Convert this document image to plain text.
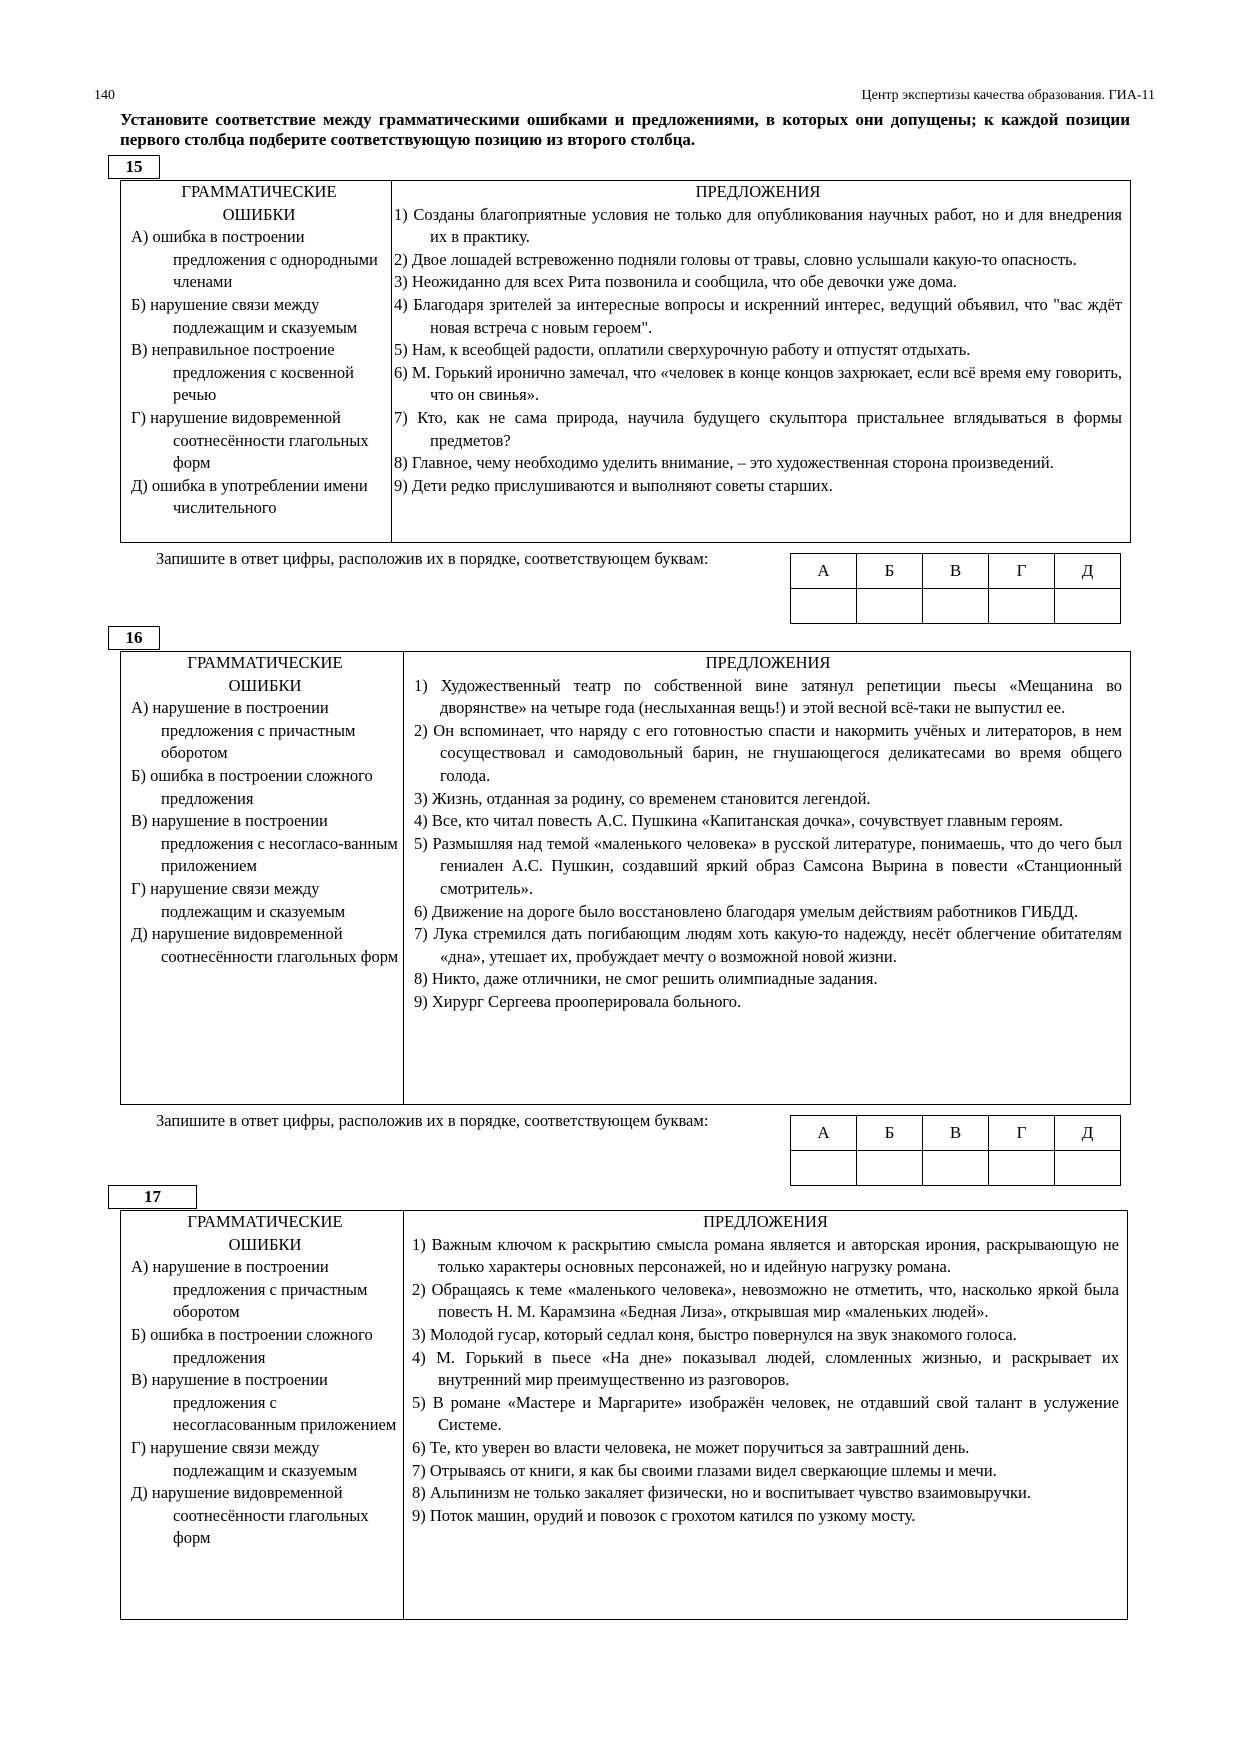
140	Центр экспертизы качества образования. ГИА-11
Установите соответствие между грамматическими ошибками и предложениями, в которых они допущены; к каждой позиции первого столбца подберите соответствующую позицию из второго столбца.
15
ГРАММАТИЧЕСКИЕ ОШИБКИ
А) ошибка в построении предложения с однородными членами
Б) нарушение связи между подлежащим и сказуемым
В) неправильное построение предложения с косвенной речью
Г) нарушение видовременной соотнесённости глагольных форм
Д) ошибка в употреблении имени числительного
ПРЕДЛОЖЕНИЯ
1) Созданы благоприятные условия не только для опубликования научных работ, но и для внедрения их в практику.
2) Двое лошадей встревоженно подняли головы от травы, словно услышали какую-то опасность.
3) Неожиданно для всех Рита позвонила и сообщила, что обе девочки уже дома.
4) Благодаря зрителей за интересные вопросы и искренний интерес, ведущий объявил, что "вас ждёт новая встреча с новым героем".
5) Нам, к всеобщей радости, оплатили сверхурочную работу и отпустят отдыхать.
6) М. Горький иронично замечал, что «человек в конце концов захрюкает, если всё время ему говорить, что он свинья».
7) Кто, как не сама природа, научила будущего скульптора пристальнее вглядываться в формы предметов?
8) Главное, чему необходимо уделить внимание, – это художественная сторона произведений.
9) Дети редко прислушиваются и выполняют советы старших.
Запишите в ответ цифры, расположив их в порядке, соответствующем буквам:
А	Б	В	Г	Д

16
ГРАММАТИЧЕСКИЕ ОШИБКИ
А) нарушение в построении предложения с причастным оборотом
Б) ошибка в построении сложного предложения
В) нарушение в построении предложения с несогласо-ванным приложением
Г) нарушение связи между подлежащим и сказуемым
Д) нарушение видовременной соотнесённости глагольных форм
ПРЕДЛОЖЕНИЯ
1) Художественный театр по собственной вине затянул репетиции пьесы «Мещанина во дворянстве» на четыре года (неслыханная вещь!) и этой весной всё-таки не выпустил ее.
2) Он вспоминает, что наряду с его готовностью спасти и накормить учёных и литераторов, в нем сосуществовал и самодовольный барин, не гнушающегося деликатесами во время общего голода.
3) Жизнь, отданная за родину, со временем становится легендой.
4) Все, кто читал повесть А.С. Пушкина «Капитанская дочка», сочувствует главным героям.
5) Размышляя над темой «маленького человека» в русской литературе, понимаешь, что до чего был гениален А.С. Пушкин, создавший яркий образ Самсона Вырина в повести «Станционный смотритель».
6) Движение на дороге было восстановлено благодаря умелым действиям работников ГИБДД.
7) Лука стремился дать погибающим людям хоть какую-то надежду, несёт облегчение обитателям «дна», утешает их, пробуждает мечту о возможной новой жизни.
8) Никто, даже отличники, не смог решить олимпиадные задания.
9) Хирург Сергеева прооперировала больного.
Запишите в ответ цифры, расположив их в порядке, соответствующем буквам:
А	Б	В	Г	Д

17
ГРАММАТИЧЕСКИЕ ОШИБКИ
А) нарушение в построении предложения с причастным оборотом
Б) ошибка в построении сложного предложения
В) нарушение в построении предложения с несогласованным приложением
Г) нарушение связи между подлежащим и сказуемым
Д) нарушение видовременной соотнесённости глагольных форм
ПРЕДЛОЖЕНИЯ
1) Важным ключом к раскрытию смысла романа является и авторская ирония, раскрывающую не только характеры основных персонажей, но и идейную нагрузку романа.
2) Обращаясь к теме «маленького человека», невозможно не отметить, что, насколько яркой была повесть Н. М. Карамзина «Бедная Лиза», открывшая мир «маленьких людей».
3) Молодой гусар, который седлал коня, быстро повернулся на звук знакомого голоса.
4) М. Горький в пьесе «На дне» показывал людей, сломленных жизнью, и раскрывает их внутренний мир преимущественно из разговоров.
5) В романе «Мастере и Маргарите» изображён человек, не отдавший свой талант в услужение Системе.
6) Те, кто уверен во власти человека, не может поручиться за завтрашний день.
7) Отрываясь от книги, я как бы своими глазами видел сверкающие шлемы и мечи.
8) Альпинизм не только закаляет физически, но и воспитывает чувство взаимовыручки.
9) Поток машин, орудий и повозок с грохотом катился по узкому мосту.
